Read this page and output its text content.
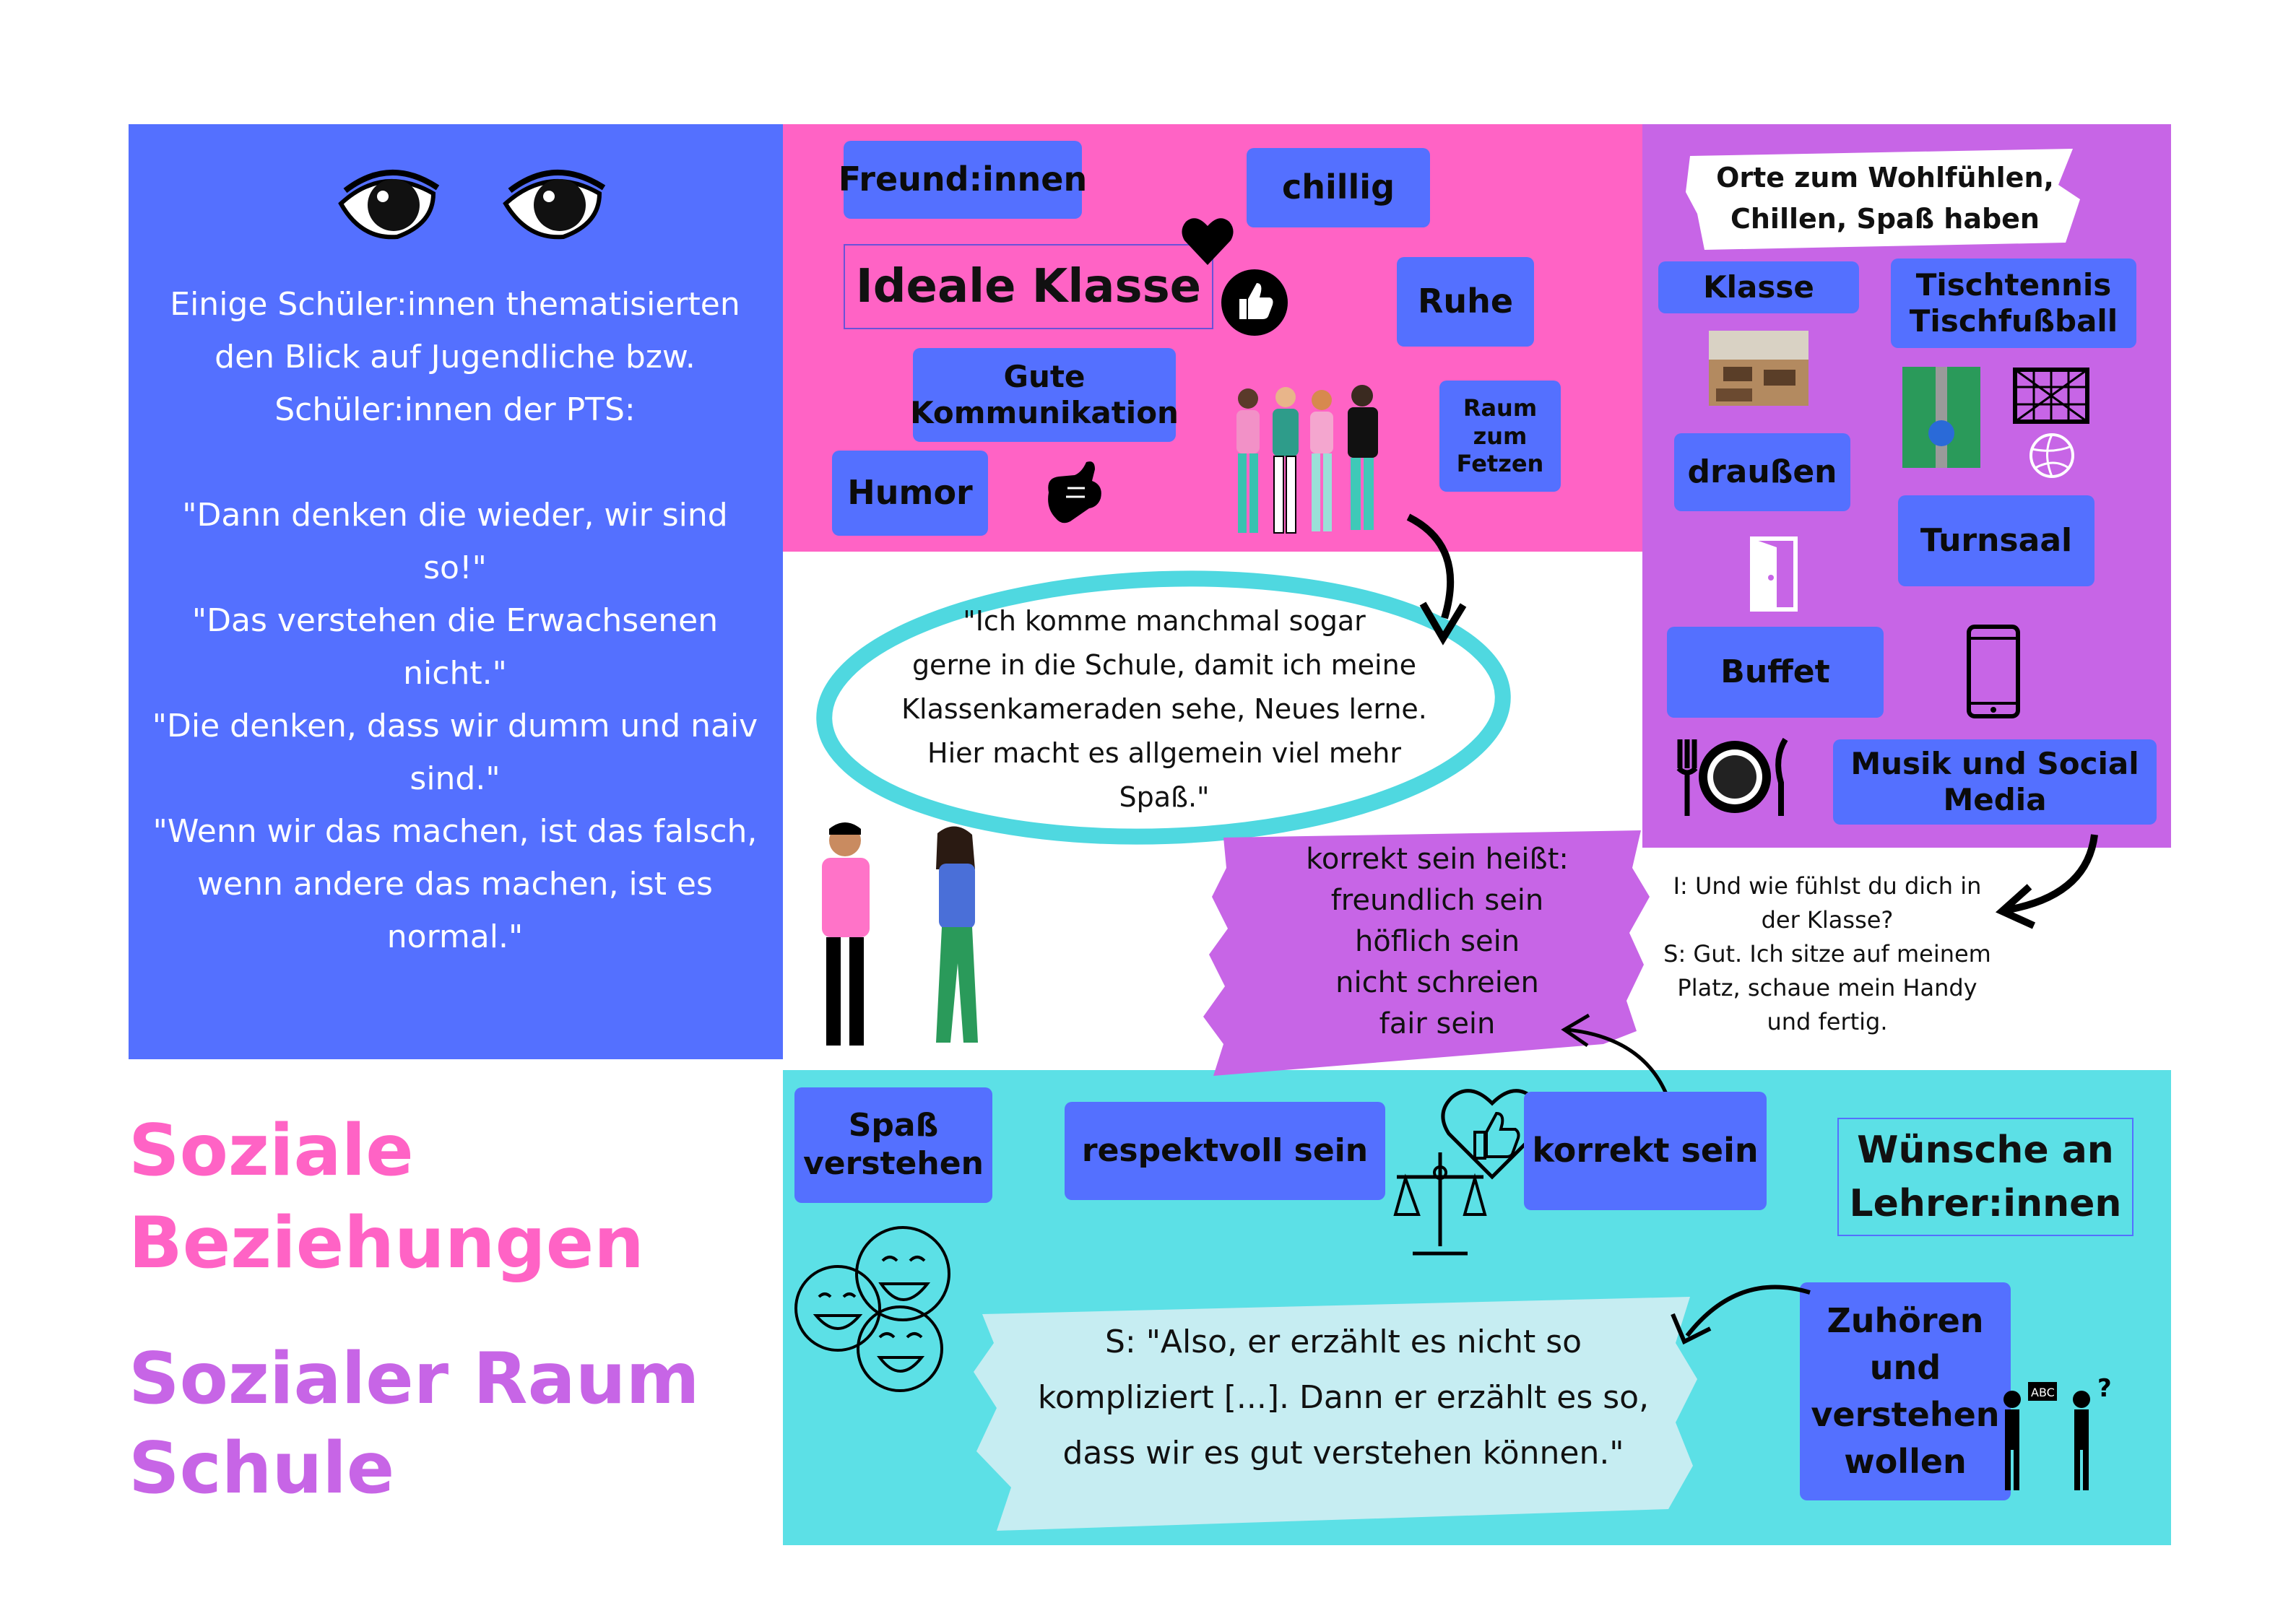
Einige Schüler:innen thematisierten
den Blick auf Jugendliche bzw.
Schüler:innen der PTS:
"Dann denken die wieder, wir sind
so!"
"Das verstehen die Erwachsenen
nicht."
"Die denken, dass wir dumm und naiv
sind."
"Wenn wir das machen, ist das falsch,
wenn andere das machen, ist es
normal."
Soziale
Beziehungen
Sozialer Raum
Schule
Freund:innen	chillig
Ideale Klasse	Ruhe
Gute
Kommunikation	Raum
zum
Fetzen
Humor
"Ich komme manchmal sogar
gerne in die Schule, damit ich meine
Klassenkameraden sehe, Neues lerne.
Hier macht es allgemein viel mehr
Spaß."
Orte zum Wohlfühlen,
Chillen, Spaß haben
Klasse	Tischtennis
Tischfußball
draußen
Turnsaal
Buffet
Musik und Social
Media
korrekt sein heißt:
freundlich sein
höflich sein
nicht schreien
fair sein
I: Und wie fühlst du dich in
der Klasse?
S: Gut. Ich sitze auf meinem
Platz, schaue mein Handy
und fertig.
Spaß
verstehen	respektvoll sein	korrekt sein	Wünsche an
Lehrer:innen
S: "Also, er erzählt es nicht so
kompliziert [...]. Dann er erzählt es so,
dass wir es gut verstehen können."
Zuhören
und
verstehen
wollen
ABC ?
